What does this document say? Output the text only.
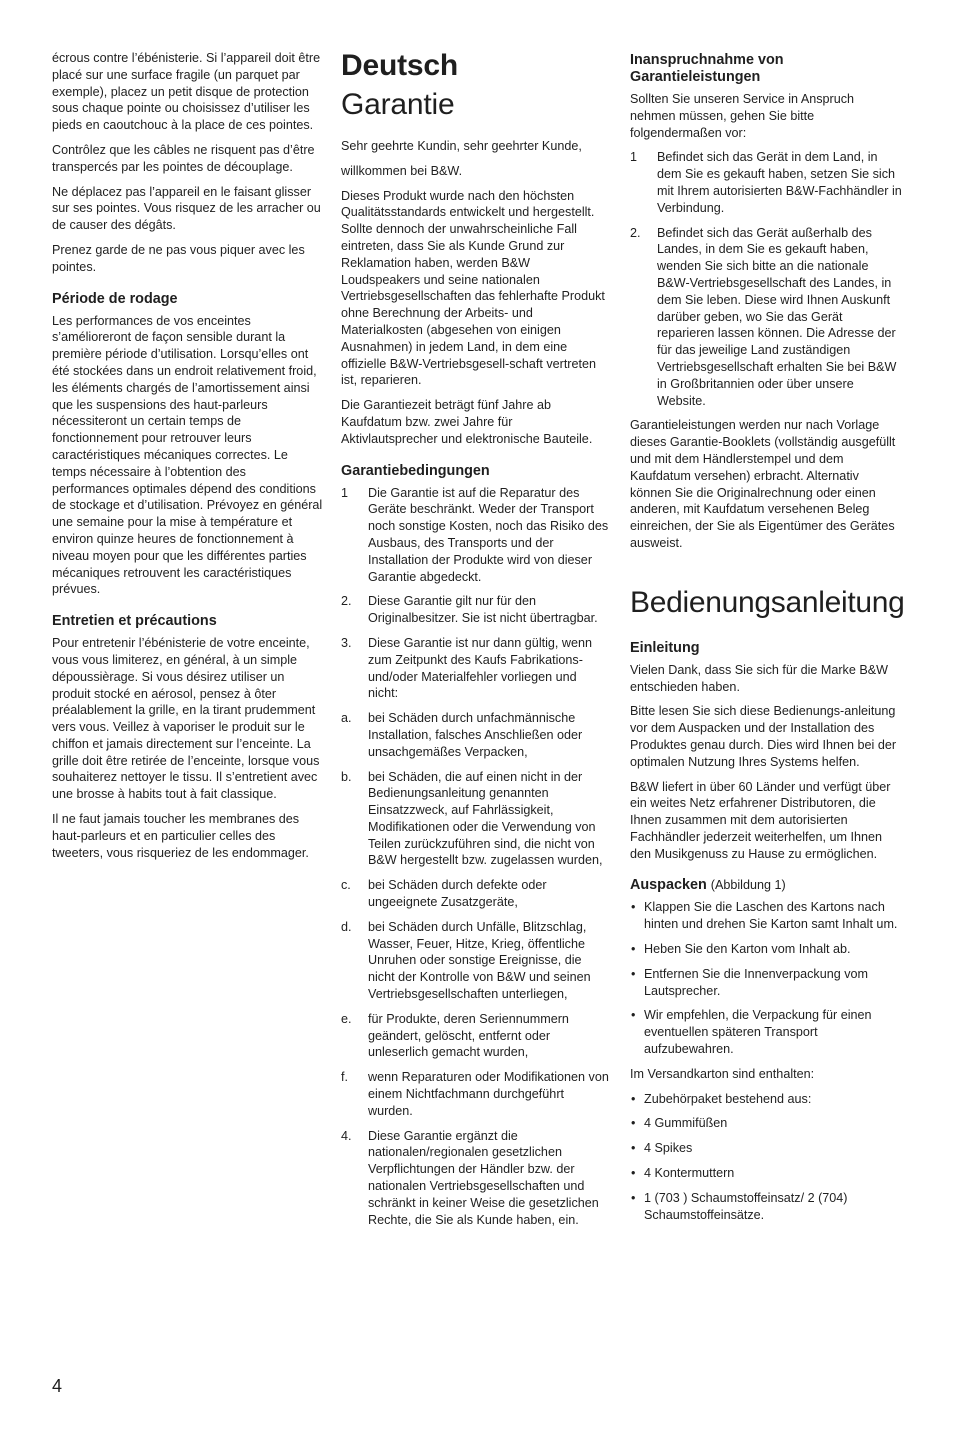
écrous contre l’ébénisterie. Si l’appareil doit être placé sur une surface fragile (un parquet par exemple), placez un petit disque de protection sous chaque pointe ou choisissez d’utiliser les pieds en caoutchouc à la place de ces pointes.

Contrôlez que les câbles ne risquent pas d’être transpercés par les pointes de découplage.

Ne déplacez pas l’appareil en le faisant glisser sur ses pointes. Vous risquez de les arracher ou de causer des dégâts.

Prenez garde de ne pas vous piquer avec les pointes.

Période de rodage

Les performances de vos enceintes s’amélioreront de façon sensible durant la première période d’utilisation. Lorsqu’elles ont été stockées dans un endroit relativement froid, les éléments chargés de l’amortissement ainsi que les suspensions des haut-parleurs nécessiteront un certain temps de fonctionnement pour retrouver leurs caractéristiques mécaniques correctes. Le temps nécessaire à l’obtention des performances optimales dépend des conditions de stockage et d’utilisation. Prévoyez en général une semaine pour la mise à température et environ quinze heures de fonctionnement à niveau moyen pour que les différentes parties mécaniques retrouvent les caractéristiques prévues.

Entretien et précautions

Pour entretenir l’ébénisterie de votre enceinte, vous vous limiterez, en général, à un simple dépoussièrage. Si vous désirez utiliser un produit stocké en aérosol, pensez à ôter préalablement la grille, en la tirant prudemment vers vous. Veillez à vaporiser le produit sur le chiffon et jamais directement sur l’enceinte. La grille doit être retirée de l’enceinte, lorsque vous souhaiterez nettoyer le tissu. Il s’entretient avec une brosse à habits tout à fait classique.

Il ne faut jamais toucher les membranes des haut-parleurs et en particulier celles des tweeters, vous risqueriez de les endommager.

Deutsch
Garantie

Sehr geehrte Kundin, sehr geehrter Kunde,

willkommen bei B&W.

Dieses Produkt wurde nach den höchsten Qualitätsstandards entwickelt und hergestellt. Sollte dennoch der unwahrscheinliche Fall eintreten, dass Sie als Kunde Grund zur Reklamation haben, werden B&W Loudspeakers und seine nationalen Vertriebsgesellschaften das fehlerhafte Produkt ohne Berechnung der Arbeits- und Materialkosten (abgesehen von einigen Ausnahmen) in jedem Land, in dem eine offizielle B&W-Vertriebsgesell-schaft vertreten ist, reparieren.

Die Garantiezeit beträgt fünf Jahre ab Kaufdatum bzw. zwei Jahre für Aktivlautsprecher und elektronische Bauteile.

Garantiebedingungen
1 Die Garantie ist auf die Reparatur des Geräte beschränkt. Weder der Transport noch sonstige Kosten, noch das Risiko des Ausbaus, des Transports und der Installation der Produkte wird von dieser Garantie abgedeckt.
2. Diese Garantie gilt nur für den Originalbesitzer. Sie ist nicht übertragbar.
3. Diese Garantie ist nur dann gültig, wenn zum Zeitpunkt des Kaufs Fabrikations- und/oder Materialfehler vorliegen und nicht:
a. bei Schäden durch unfachmännische Installation, falsches Anschließen oder unsachgemäßes Verpacken,
b. bei Schäden, die auf einen nicht in der Bedienungsanleitung genannten Einsatzzweck, auf Fahrlässigkeit, Modifikationen oder die Verwendung von Teilen zurückzuführen sind, die nicht von B&W hergestellt bzw. zugelassen wurden,
c. bei Schäden durch defekte oder ungeeignete Zusatzgeräte,
d. bei Schäden durch Unfälle, Blitzschlag, Wasser, Feuer, Hitze, Krieg, öffentliche Unruhen oder sonstige Ereignisse, die nicht der Kontrolle von B&W und seinen Vertriebsgesellschaften unterliegen,
e. für Produkte, deren Seriennummern geändert, gelöscht, entfernt oder unleserlich gemacht wurden,
f. wenn Reparaturen oder Modifikationen von einem Nichtfachmann durchgeführt wurden.
4. Diese Garantie ergänzt die nationalen/regionalen gesetzlichen Verpflichtungen der Händler bzw. der nationalen Vertriebsgesellschaften und schränkt in keiner Weise die gesetzlichen Rechte, die Sie als Kunde haben, ein.
Inanspruchnahme von Garantieleistungen

Sollten Sie unseren Service in Anspruch nehmen müssen, gehen Sie bitte folgendermaßen vor:

1 Befindet sich das Gerät in dem Land, in dem Sie es gekauft haben, setzen Sie sich mit Ihrem autorisierten B&W-Fachhändler in Verbindung.
2. Befindet sich das Gerät außerhalb des Landes, in dem Sie es gekauft haben, wenden Sie sich bitte an die nationale B&W-Vertriebsgesellschaft des Landes, in dem Sie leben. Diese wird Ihnen Auskunft darüber geben, wo Sie das Gerät reparieren lassen können. Die Adresse der für das jeweilige Land zuständigen Vertriebsgesellschaft erhalten Sie bei B&W in Großbritannien oder über unsere Website.

Garantieleistungen werden nur nach Vorlage dieses Garantie-Booklets (vollständig ausgefüllt und mit dem Händlerstempel und dem Kaufdatum versehen) erbracht. Alternativ können Sie die Originalrechnung oder einen anderen, mit Kaufdatum versehenen Beleg einreichen, der Sie als Eigentümer des Gerätes ausweist.

Bedienungsanleitung
Einleitung

Vielen Dank, dass Sie sich für die Marke B&W entschieden haben.

Bitte lesen Sie sich diese Bedienungs-anleitung vor dem Auspacken und der Installation des Produktes genau durch. Dies wird Ihnen bei der optimalen Nutzung Ihres Systems helfen.

B&W liefert in über 60 Länder und verfügt über ein weites Netz erfahrener Distributoren, die Ihnen zusammen mit dem autorisierten Fachhändler jederzeit weiterhelfen, um Ihnen den Musikgenuss zu Hause zu ermöglichen.

Auspacken (Abbildung 1)
• Klappen Sie die Laschen des Kartons nach hinten und drehen Sie Karton samt Inhalt um.
• Heben Sie den Karton vom Inhalt ab.
• Entfernen Sie die Innenverpackung vom Lautsprecher.
• Wir empfehlen, die Verpackung für einen eventuellen späteren Transport aufzubewahren.

Im Versandkarton sind enthalten:

• Zubehörpaket bestehend aus:
• 4 Gummifüßen
• 4 Spikes
• 4 Kontermuttern
• 1 (703 ) Schaumstoffeinsatz/ 2 (704) Schaumstoffeinsätze.
4
